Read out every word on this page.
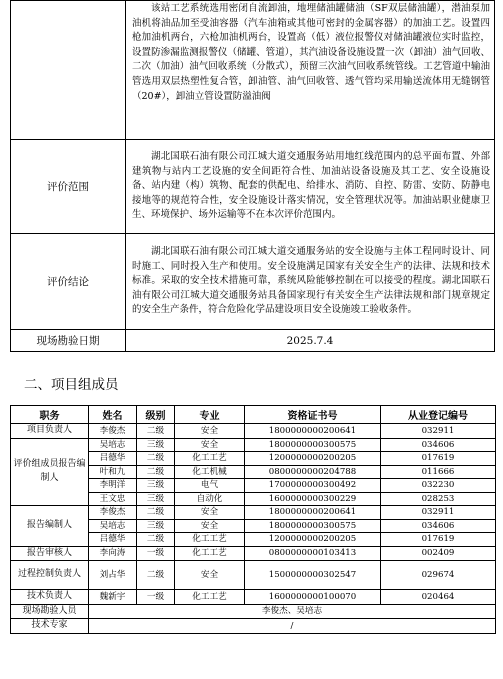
	该站工艺系统选用密闭自流卸油，地埋储油罐储油（SF双层储油罐），潜油泵加油机将油品加至受油容器（汽车油箱或其他可密封的金属容器）的加油工艺。设置四枪加油机两台，六枪加油机两台，设置高（低）液位报警仪对储油罐液位实时监控，设置防渗漏监测报警仪（储罐、管道），其汽油设备设施设置一次（卸油）油气回收、二次（加油）油气回收系统（分散式），预留三次油气回收系统管线。工艺管道中输油管选用双层热塑性复合管，卸油管、油气回收管、透气管均采用输送流体用无缝钢管（20#），卸油立管设置防溢油阀
评价范围	湖北国联石油有限公司江城大道交通服务站用地红线范围内的总平面布置、外部建筑物与站内工艺设施的安全间距符合性、加油站设备设施及其工艺、安全设施设备、站内建（构）筑物、配套的供配电、给排水、消防、自控、防雷、安防、防静电接地等的规范符合性，安全设施设计落实情况，安全管理状况等。加油站职业健康卫生、环境保护、场外运输等不在本次评价范围内。
评价结论	湖北国联石油有限公司江城大道交通服务站的安全设施与主体工程同时设计、同时施工、同时投入生产和使用。安全设施满足国家有关安全生产的法律、法规和技术标准。采取的安全技术措施可靠，系统风险能够控制在可以接受的程度。湖北国联石油有限公司江城大道交通服务站具备国家现行有关安全生产法律法规和部门规章规定的安全生产条件，符合危险化学品建设项目安全设施竣工验收条件。
现场勘验日期	2025.7.4
二、项目组成员
职务	姓名	级别	专业	资格证书号	从业登记编号
项目负责人	李俊杰	二级	安全	1800000000200641	032911
评价组成员报告编制人	吴培志	三级	安全	1800000000300575	034606
	吕德华	二级	化工工艺	1200000000200205	017619
	叶和九	二级	化工机械	0800000000204788	011666
	李明洋	三级	电气	1700000000300492	032230
	王文忠	三级	自动化	1600000000300229	028253
报告编制人	李俊杰	二级	安全	1800000000200641	032911
	吴培志	三级	安全	1800000000300575	034606
	吕德华	二级	化工工艺	1200000000200205	017619
报告审核人	李向涛	一级	化工工艺	0800000000103413	002409
过程控制负责人	刘占华	二级	安全	1500000000302547	029674
技术负责人	魏新宇	一级	化工工艺	1600000000100070	020464
现场勘验人员	李俊杰、吴培志				
技术专家	/				
